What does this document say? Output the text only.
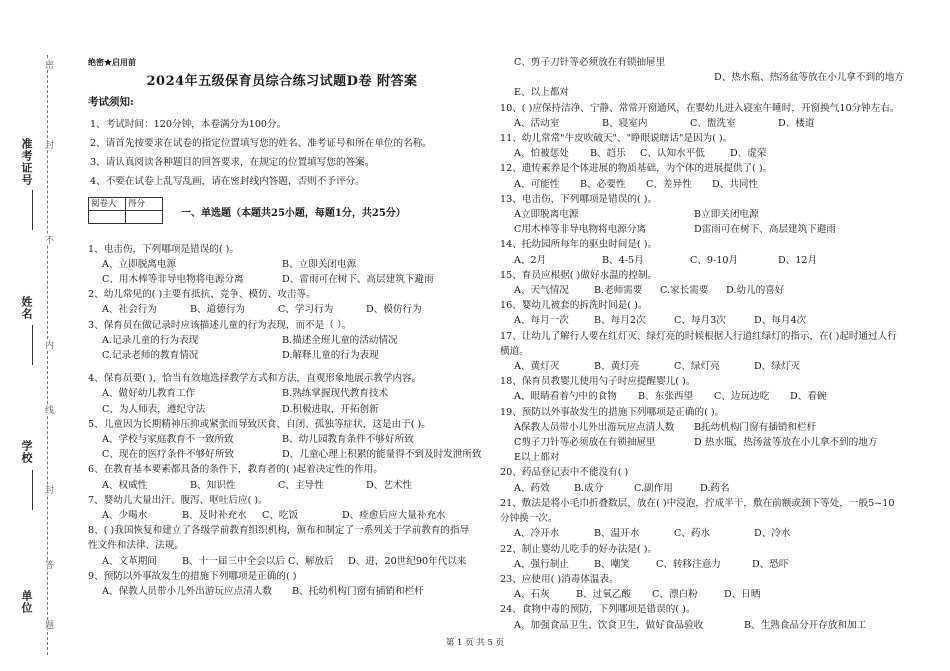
准考证号
姓名
学校
单位
密
封
不
内
线
封
答
题
绝密★启用前
2024年五级保育员综合练习试题D卷 附答案
考试须知:

1、考试时间：120分钟，本卷满分为100分。

2、请首先按要求在试卷的指定位置填写您的姓名、准考证号和所在单位的名称。

3、请认真阅读各种题目的回答要求，在规定的位置填写您的答案。

4、不要在试卷上乱写乱画，请在密封线内答题，否则不予评分。

阅卷人	得分

一、单选题（本题共25小题，每题1分，共25分）
1、电击伤，下列哪项是错误的( )。
A、立即脱离电源	B、立即关闭电源
C、用木棒等非导电物将电源分离	D、雷雨可在树下、高层建筑下避雨
2、幼儿常见的( )主要有抵抗、竞争、模仿、攻击等。
A、社会行为	B、道德行为	C、学习行为	D、模仿行为
3、保育员在做记录时应该描述儿童的行为表现，而不是（ ）。
A.记录儿童的行为表现	B.描述全班儿童的活动情况
C.记录老师的教育情况	D.解释儿童的行为表现
4、保育员要( )，恰当有效地选择教学方式和方法，直观形象地展示教学内容。
A、做好幼儿教育工作	B.熟练掌握现代教育技术
C、为人师表，遵纪守法	D.积极进取，开拓创新
5、儿童因为长期精神压抑或紧张而导致厌食、自闭、孤独等症状，这是由于( )。
A、学校与家庭教育不一致所致	B、幼儿园教育条件不够好所致
C、现在的医疗条件不够好所致	D、儿童心理上积累的能量得不到及时发泄所致
6、在教育基本要素都具备的条件下，教育者的( )起着决定性的作用。
A、权威性	B、知识性	C、主导性	D、艺术性
7、婴幼儿大量出汗、腹泻、呕吐后应( )。
A、少喝水	B、及时补充水	C、吃饭	D、痊愈后应大量补充水
8、( )我国恢复和建立了各级学前教育组织机构，颁布和制定了一系列关于学前教育的指导性文件和法律、法规。
A、文革期间	B、十一届三中全会以后 C、解放后	D、进，20世纪90年代以来
9、预防以外事故发生的措施下列哪项是正确的( )
A、保教人员带小儿外出游玩应点清人数	B、托幼机构门窗有插销和栏杆
C、剪子刀针等必须放在有锁抽屉里
D、热水瓶、热汤盆等放在小儿拿不到的地方
E、以上都对
10、( )应保持洁净、宁静、常常开窗通风，在婴幼儿进入寝室午睡时，开窗换气10分钟左右。
A、活动室	B、寝室内	C、盥洗室	D、楼道
11、幼儿常常"牛皮吹破天"、"睁眼说瞎话"是因为( )。
A、怕被惩处	B、趋乐	C、认知水平低	D、虚荣
12、遗传素养是个体进展的物质基础，为个体的进展提供了( )。
A、可能性	B、必要性	C、差异性	D、共同性
13、电击伤，下列哪项是错误的( )。
A立即脱离电源	B立即关闭电源
C用木棒等非导电物将电源分离	D雷雨可在树下、高层建筑下避雨
14、托幼园所每年的驱虫时间是( )。
A、2月	B、4-5月	C、9-10月	D、12月
15、育员应根据( )做好水温的控制。
A、天气情况	B.老师需要	C.家长需要	D.幼儿的喜好
16、婴幼儿被套的拆洗时间是( )。
A、每月一次	B、每月2次	C、每月3次	D、每月4次
17、让幼儿了解行人要在红灯灭、绿灯亮的时候根据人行道红绿灯的指示，在( )起时通过人行横道。
A、黄灯灭	B、黄灯亮	C、绿灯亮	D、绿灯灭
18、保育员教婴儿使用勺子时应提醒婴儿( )。
A、眼睛看着勺中的食物	B、东张西望	C、边玩边吃	D、看碗
19、预防以外事故发生的措施下列哪项是正确的( )。
A保教人员带小儿外出游玩应点清人数	B托幼机构门窗有插销和栏杆
C剪子刀针等必须放在有锁抽屉里	D 热水瓶、热汤盆等放在小儿拿不到的地方
E以上都对
20、药品登记表中不能没有( )
A、药效	B.成分	C.副作用	D.药名
21、敷法是将小毛巾折叠数层，放在( )中浸泡，拧成半干，敷在前额或颈下等处，一般5~10分钟换一次。
A、冷开水	B、温开水	C、药水	D、冷水
22、制止婴幼儿吃手的好办法是( )。
A、强行制止	B、嘲笑	C、转移注意力	D、恐吓
23、应使用( )消毒体温表。
A、石灰	B、过氧乙酸	C、漂白粉	D、日晒
24、食物中毒的预防，下列哪项是错误的( )。
A、加强食品卫生、饮食卫生，做好食品验收	B、生熟食品分开存放和加工
第 1 页 共 5 页
